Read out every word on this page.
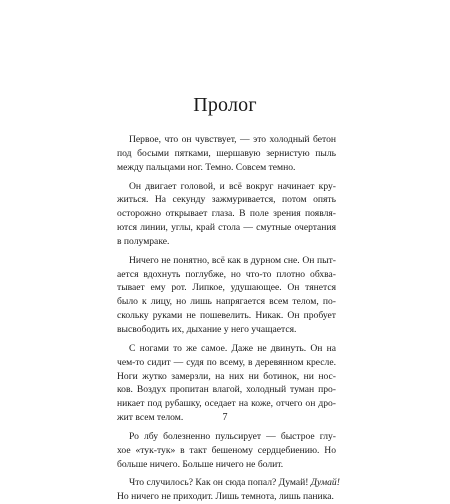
Пролог

Первое, что он чувствует, — это холодный бетон
под босыми пятками, шершавую зернистую пыль
между пальцами ног. Темно. Совсем темно.

Он двигает головой, и всё вокруг начинает кру-
житься. На секунду зажмуривается, потом опять
осторожно открывает глаза. В поле зрения появля-
ются линии, углы, край стола — смутные очертания
в полумраке.

Ничего не понятно, всё как в дурном сне. Он пыт-
ается вдохнуть поглубже, но что-то плотно обхва-
тывает ему рот. Липкое, удушающее. Он тянется
было к лицу, но лишь напрягается всем телом, по-
скольку руками не пошевелить. Никак. Он пробует
высвободить их, дыхание у него учащается.

С ногами то же самое. Даже не двинуть. Он на
чем-то сидит — судя по всему, в деревянном кресле.
Ноги жутко замерзли, на них ни ботинок, ни нос-
ков. Воздух пропитан влагой, холодный туман про-
никает под рубашку, оседает на коже, отчего он дро-
жит всем телом.

Ро лбу болезненно пульсирует — быстрое глу-
хое «тук-тук» в такт бешеному сердцебиению. Но
больше ничего. Больше ничего не болит.

Что случилось? Как он сюда попал? Думай! Думай!
Но ничего не приходит. Лишь темнота, лишь паника.

7
